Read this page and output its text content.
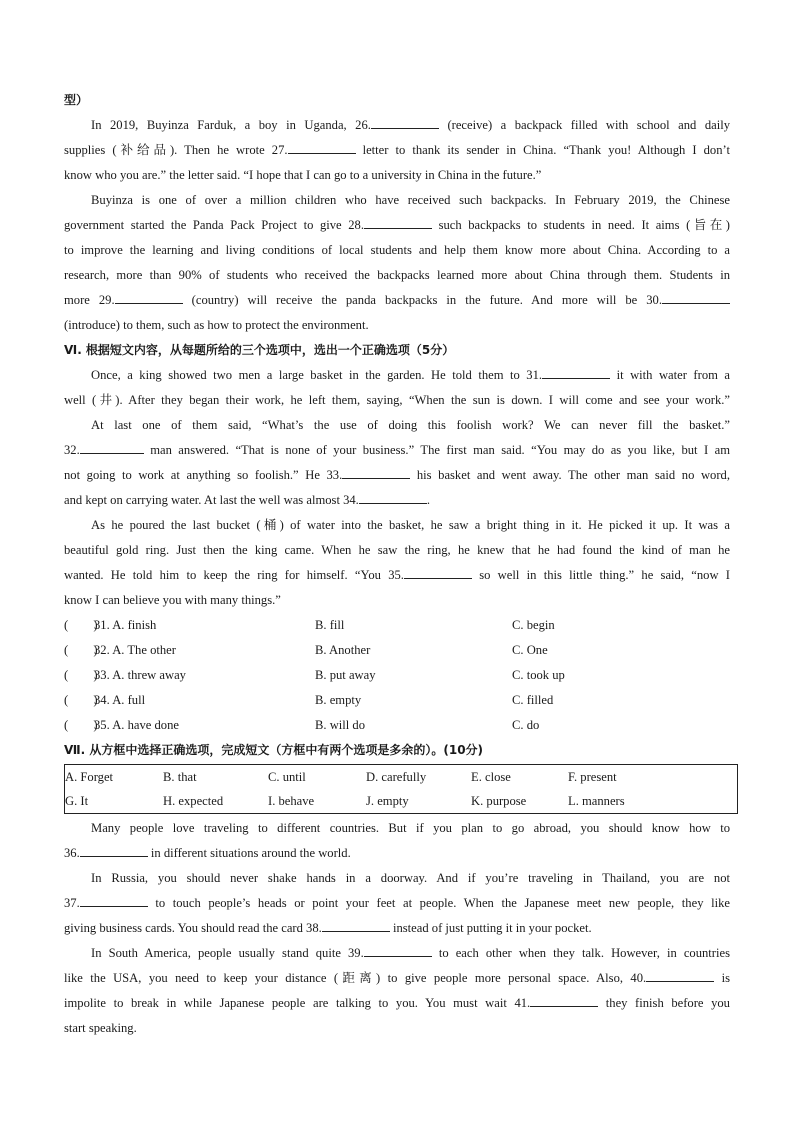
型）
In 2019, Buyinza Farduk, a boy in Uganda, 26.	(receive) a backpack filled with school and daily
supplies (补给品). Then he wrote 27.	letter to thank its sender in China. “Thank you! Although I don’t
know who you are.” the letter said. “I hope that I can go to a university in China in the future.”
Buyinza is one of over a million children who have received such backpacks. In February 2019, the Chinese
government started the Panda Pack Project to give 28.	such backpacks to students in need. It aims (旨在)
to improve the learning and living conditions of local students and help them know more about China. According to a
research, more than 90% of students who received the backpacks learned more about China through them. Students in
more 29.	(country) will receive the panda backpacks in the future. And more will be 30.
(introduce) to them, such as how to protect the environment.
Ⅵ. 根据短文内容，从每题所给的三个选项中，选出一个正确选项（5分）
Once, a king showed two men a large basket in the garden. He told them to 31.	it with water from a
well (井). After they began their work, he left them, saying, “When the sun is down. I will come and see your work.”
At last one of them said, “What’s the use of doing this foolish work? We can never fill the basket.”
32.	man answered. “That is none of your business.” The first man said. “You may do as you like, but I am
not going to work at anything so foolish.” He 33.	his basket and went away. The other man said no word,
and kept on carrying water. At last the well was almost 34.	.
As he poured the last bucket (桶) of water into the basket, he saw a bright thing in it. He picked it up. It was a
beautiful gold ring. Just then the king came. When he saw the ring, he knew that he had found the kind of man he
wanted. He told him to keep the ring for himself. “You 35.	so well in this little thing.” he said, “now I
know I can believe you with many things.”
(　　)
31. A. finish	B. fill	C. begin
(　　)
32. A. The other	B. Another	C. One
(　　)
33. A. threw away	B. put away	C. took up
(　　)
34. A. full	B. empty	C. filled
(　　)
35. A. have done	B. will do	C. do
Ⅶ. 从方框中选择正确选项，完成短文（方框中有两个选项是多余的）。(10分)
A. Forget	B. that	C. until	D. carefully	E. close	F. present
G. It	H. expected	I. behave	J. empty	K. purpose	L. manners
Many people love traveling to different countries. But if you plan to go abroad, you should know how to
36.	in different situations around the world.
In Russia, you should never shake hands in a doorway. And if you’re traveling in Thailand, you are not
37.	to touch people’s heads or point your feet at people. When the Japanese meet new people, they like
giving business cards. You should read the card 38.	instead of just putting it in your pocket.
In South America, people usually stand quite 39.	to each other when they talk. However, in countries
like the USA, you need to keep your distance (距离) to give people more personal space. Also, 40.	is
impolite to break in while Japanese people are talking to you. You must wait 41.	they finish before you
start speaking.
